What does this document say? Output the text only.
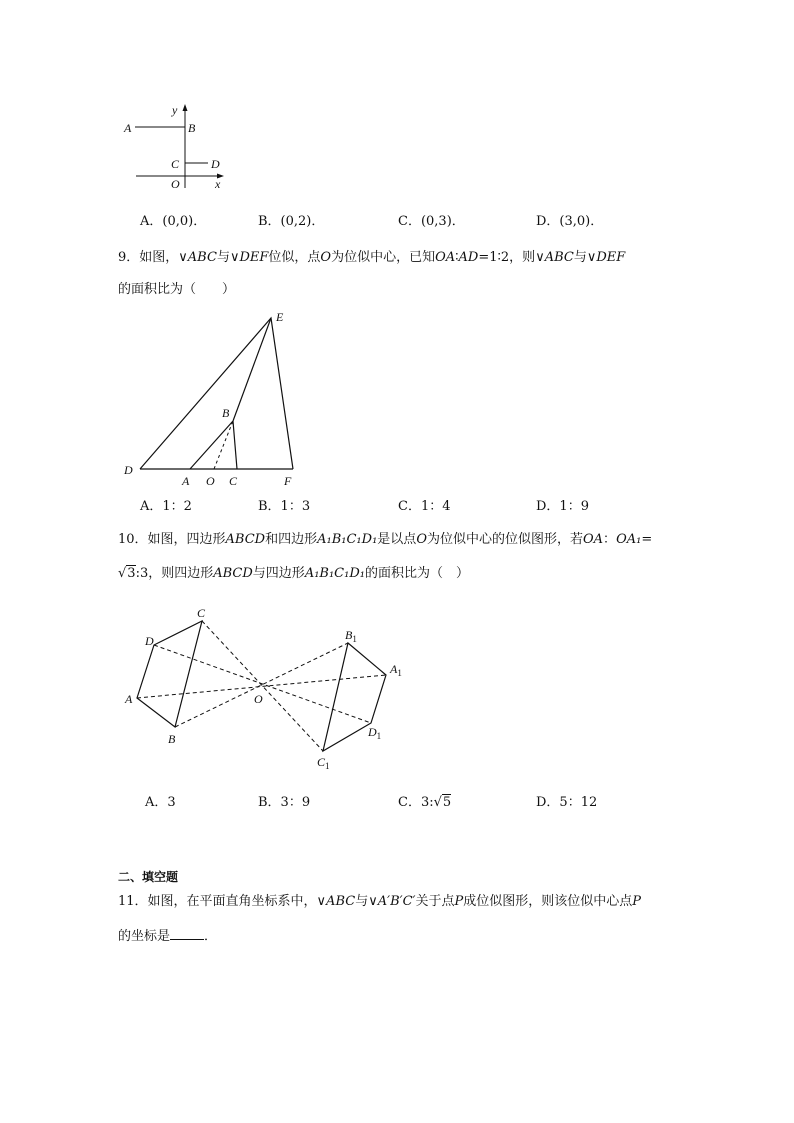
A	B
C	D
O	x
y
A．(0,0)．	B．(0,2)．	C．(0,3)．	D．(3,0)．
9．如图，∨ABC与∨DEF位似，点O为位似中心，已知OA∶AD=1∶2，则∨ABC与∨DEF
的面积比为（　　）
D
E
B
A O C	F
A．1：2	B．1：3	C．1：4	D．1：9
10．如图，四边形ABCD和四边形A₁B₁C₁D₁是以点O为位似中心的位似图形，若OA：OA₁=
√3:3，则四边形ABCD与四边形A₁B₁C₁D₁的面积比为（　）
A
B
C
D
O
$A_1$
$B_1$
$C_1$
$D_1$
A．3	B．3：9	C．3:√5	D．5：12
二、填空题
11．如图，在平面直角坐标系中，∨ABC与∨A′B′C′关于点P成位似图形，则该位似中心点P
的坐标是	．
